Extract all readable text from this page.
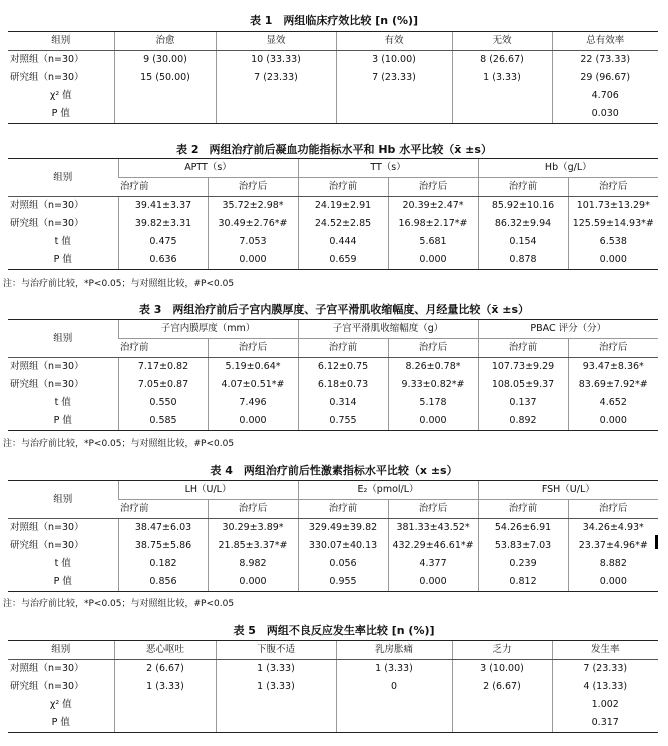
表 1　两组临床疗效比较 [n (%)]
组别	治愈	显效	有效	无效	总有效率
对照组（n=30）	9 (30.00)	10 (33.33)	3 (10.00)	8 (26.67)	22 (73.33)
研究组（n=30）	15 (50.00)	7 (23.33)	7 (23.33)	1 (3.33)	29 (96.67)
χ² 值					4.706
P 值					0.030
表 2　两组治疗前后凝血功能指标水平和 Hb 水平比较（x̄ ±s）
组别	APTT（s）		TT（s）		Hb（g/L）	
	治疗前	治疗后	治疗前	治疗后	治疗前	治疗后
对照组（n=30）	39.41±3.37	35.72±2.98*	24.19±2.91	20.39±2.47*	85.92±10.16	101.73±13.29*
研究组（n=30）	39.82±3.31	30.49±2.76*#	24.52±2.85	16.98±2.17*#	86.32±9.94	125.59±14.93*#
t 值	0.475	7.053	0.444	5.681	0.154	6.538
P 值	0.636	0.000	0.659	0.000	0.878	0.000
注：与治疗前比较，*P<0.05；与对照组比较，#P<0.05
表 3　两组治疗前后子宫内膜厚度、子宫平滑肌收缩幅度、月经量比较（x̄ ±s）
组别	子宫内膜厚度（mm）		子宫平滑肌收缩幅度（g）		PBAC 评分（分）	
	治疗前	治疗后	治疗前	治疗后	治疗前	治疗后
对照组（n=30）	7.17±0.82	5.19±0.64*	6.12±0.75	8.26±0.78*	107.73±9.29	93.47±8.36*
研究组（n=30）	7.05±0.87	4.07±0.51*#	6.18±0.73	9.33±0.82*#	108.05±9.37	83.69±7.92*#
t 值	0.550	7.496	0.314	5.178	0.137	4.652
P 值	0.585	0.000	0.755	0.000	0.892	0.000
注：与治疗前比较，*P<0.05；与对照组比较，#P<0.05
表 4　两组治疗前后性激素指标水平比较（x ±s）
组别	LH（U/L）		E₂（pmol/L）		FSH（U/L）	
	治疗前	治疗后	治疗前	治疗后	治疗前	治疗后
对照组（n=30）	38.47±6.03	30.29±3.89*	329.49±39.82	381.33±43.52*	54.26±6.91	34.26±4.93*
研究组（n=30）	38.75±5.86	21.85±3.37*#	330.07±40.13	432.29±46.61*#	53.83±7.03	23.37±4.96*#
t 值	0.182	8.982	0.056	4.377	0.239	8.882
P 值	0.856	0.000	0.955	0.000	0.812	0.000
注：与治疗前比较，*P<0.05；与对照组比较，#P<0.05
表 5　两组不良反应发生率比较 [n (%)]
组别	恶心呕吐	下腹不适	乳房胀痛	乏力	发生率
对照组（n=30）	2 (6.67)	1 (3.33)	1 (3.33)	3 (10.00)	7 (23.33)
研究组（n=30）	1 (3.33)	1 (3.33)	0	2 (6.67)	4 (13.33)
χ² 值					1.002
P 值					0.317
